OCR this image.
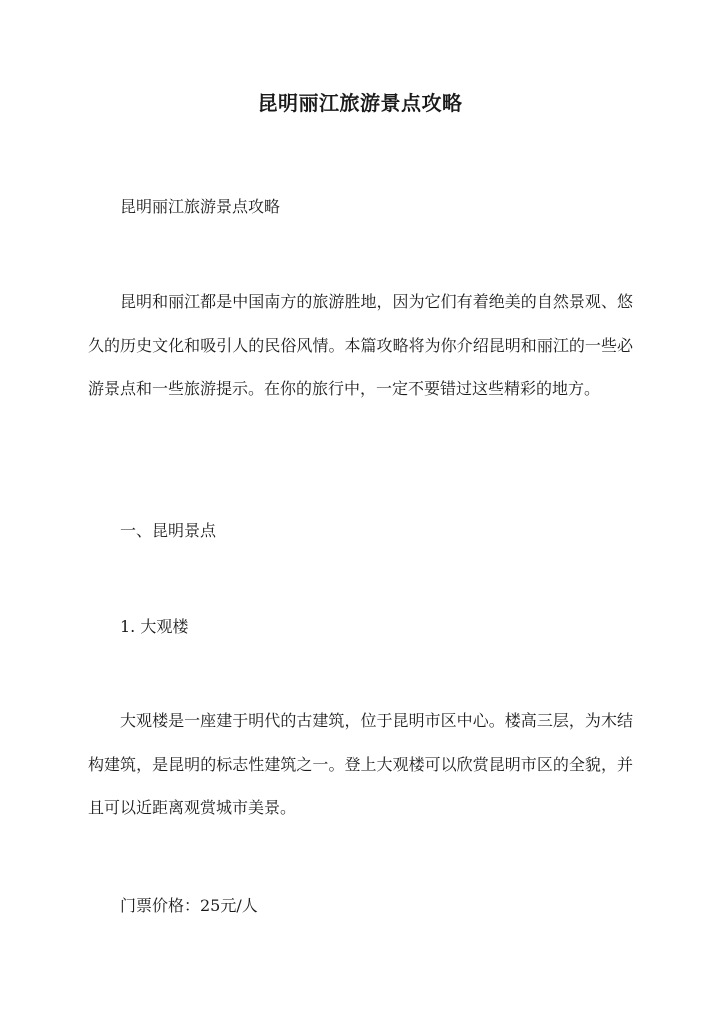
昆明丽江旅游景点攻略
昆明丽江旅游景点攻略
昆明和丽江都是中国南方的旅游胜地，因为它们有着绝美的自然景观、悠久的历史文化和吸引人的民俗风情。本篇攻略将为你介绍昆明和丽江的一些必游景点和一些旅游提示。在你的旅行中，一定不要错过这些精彩的地方。
一、昆明景点
1. 大观楼
大观楼是一座建于明代的古建筑，位于昆明市区中心。楼高三层，为木结构建筑，是昆明的标志性建筑之一。登上大观楼可以欣赏昆明市区的全貌，并且可以近距离观赏城市美景。
门票价格：25元/人
